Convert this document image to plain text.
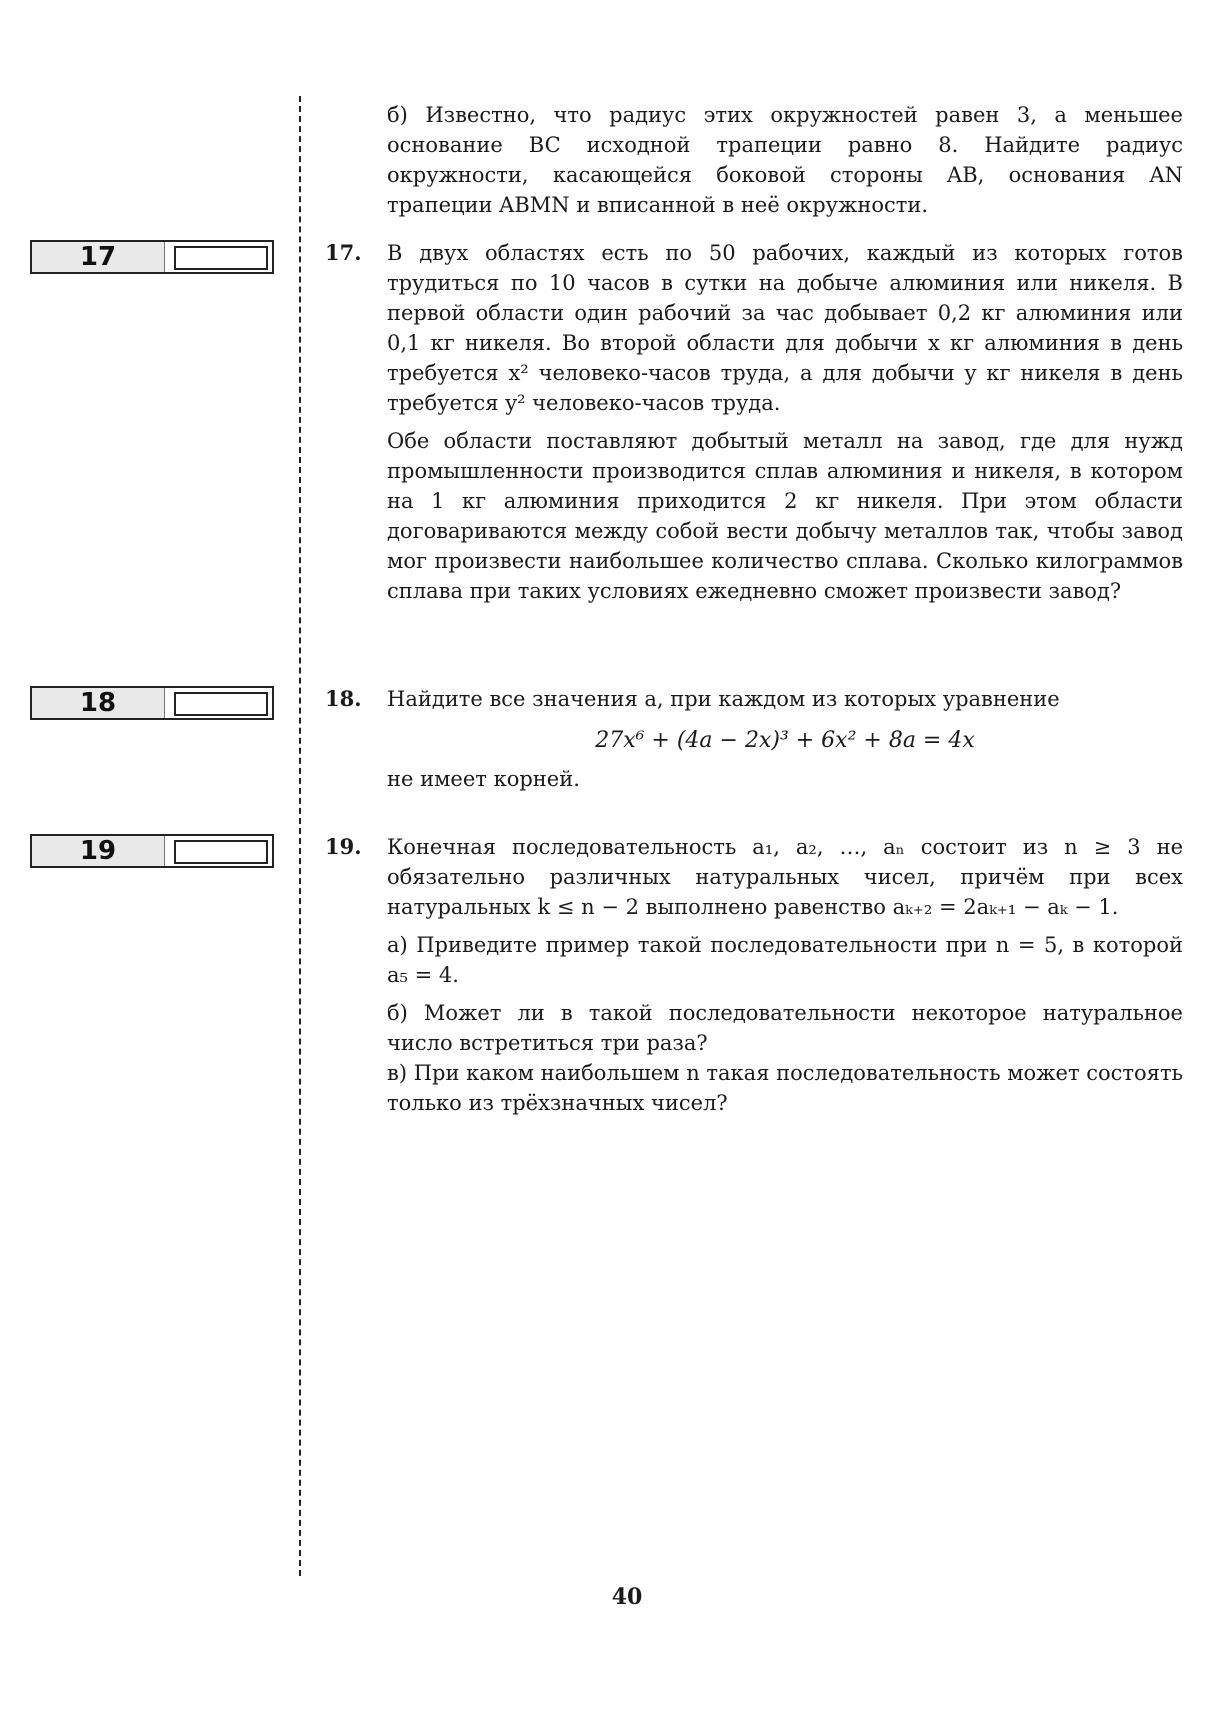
17
18
19

б) Известно, что радиус этих окружностей равен 3, а меньшее основание BC исходной трапеции равно 8. Найдите радиус окружности, касающейся боковой стороны AB, основания AN трапеции ABMN и вписанной в неё окружности.

17. В двух областях есть по 50 рабочих, каждый из которых готов трудиться по 10 часов в сутки на добыче алюминия или никеля. В первой области один рабочий за час добывает 0,2 кг алюминия или 0,1 кг никеля. Во второй области для добычи x кг алюминия в день требуется x² человеко-часов труда, а для добычи y кг никеля в день требуется y² человеко-часов труда.

Обе области поставляют добытый металл на завод, где для нужд промышленности производится сплав алюминия и никеля, в котором на 1 кг алюминия приходится 2 кг никеля. При этом области договариваются между собой вести добычу металлов так, чтобы завод мог произвести наибольшее количество сплава. Сколько килограммов сплава при таких условиях ежедневно сможет произвести завод?

18. Найдите все значения a, при каждом из которых уравнение

27x⁶ + (4a − 2x)³ + 6x² + 8a = 4x

не имеет корней.

19. Конечная последовательность a₁, a₂, …, aₙ состоит из n ≥ 3 не обязательно различных натуральных чисел, причём при всех натуральных k ≤ n − 2 выполнено равенство aₖ₊₂ = 2aₖ₊₁ − aₖ − 1.

а) Приведите пример такой последовательности при n = 5, в которой a₅ = 4.

б) Может ли в такой последовательности некоторое натуральное число встретиться три раза?

в) При каком наибольшем n такая последовательность может состоять только из трёхзначных чисел?

40
